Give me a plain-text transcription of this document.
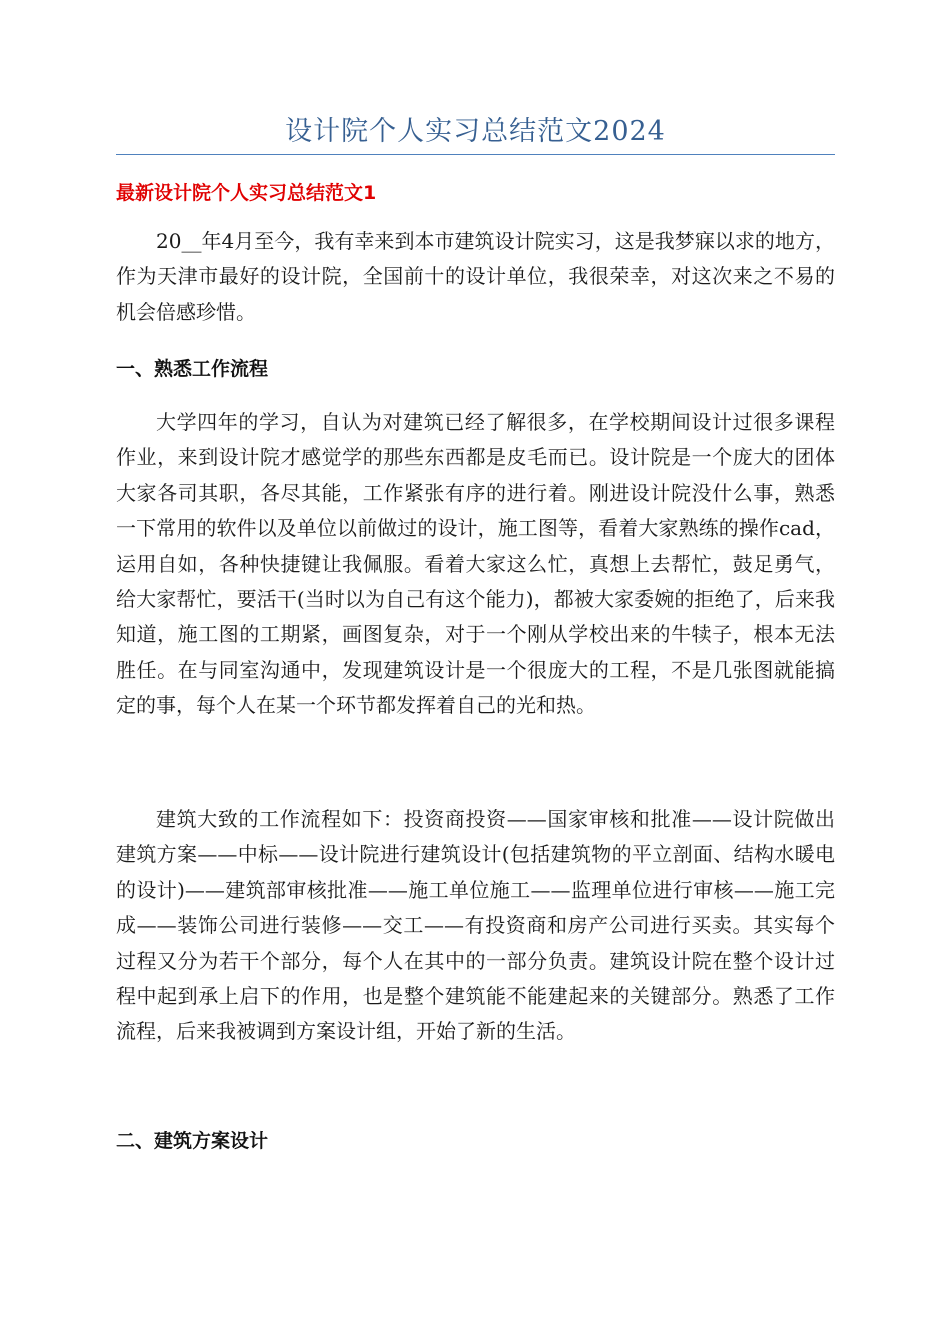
设计院个人实习总结范文2024
最新设计院个人实习总结范文1

20__年4月至今，我有幸来到本市建筑设计院实习，这是我梦寐以求的地方，作为天津市最好的设计院，全国前十的设计单位，我很荣幸，对这次来之不易的机会倍感珍惜。

一、熟悉工作流程

大学四年的学习，自认为对建筑已经了解很多，在学校期间设计过很多课程作业，来到设计院才感觉学的那些东西都是皮毛而已。设计院是一个庞大的团体大家各司其职，各尽其能，工作紧张有序的进行着。刚进设计院没什么事，熟悉一下常用的软件以及单位以前做过的设计，施工图等，看着大家熟练的操作cad，运用自如，各种快捷键让我佩服。看着大家这么忙，真想上去帮忙，鼓足勇气，给大家帮忙，要活干(当时以为自己有这个能力)，都被大家委婉的拒绝了，后来我知道，施工图的工期紧，画图复杂，对于一个刚从学校出来的牛犊子，根本无法胜任。在与同室沟通中，发现建筑设计是一个很庞大的工程，不是几张图就能搞定的事，每个人在某一个环节都发挥着自己的光和热。

建筑大致的工作流程如下：投资商投资——国家审核和批准——设计院做出建筑方案——中标——设计院进行建筑设计(包括建筑物的平立剖面、结构水暖电的设计)——建筑部审核批准——施工单位施工——监理单位进行审核——施工完成——装饰公司进行装修——交工——有投资商和房产公司进行买卖。其实每个过程又分为若干个部分，每个人在其中的一部分负责。建筑设计院在整个设计过程中起到承上启下的作用，也是整个建筑能不能建起来的关键部分。熟悉了工作流程，后来我被调到方案设计组，开始了新的生活。

二、建筑方案设计
